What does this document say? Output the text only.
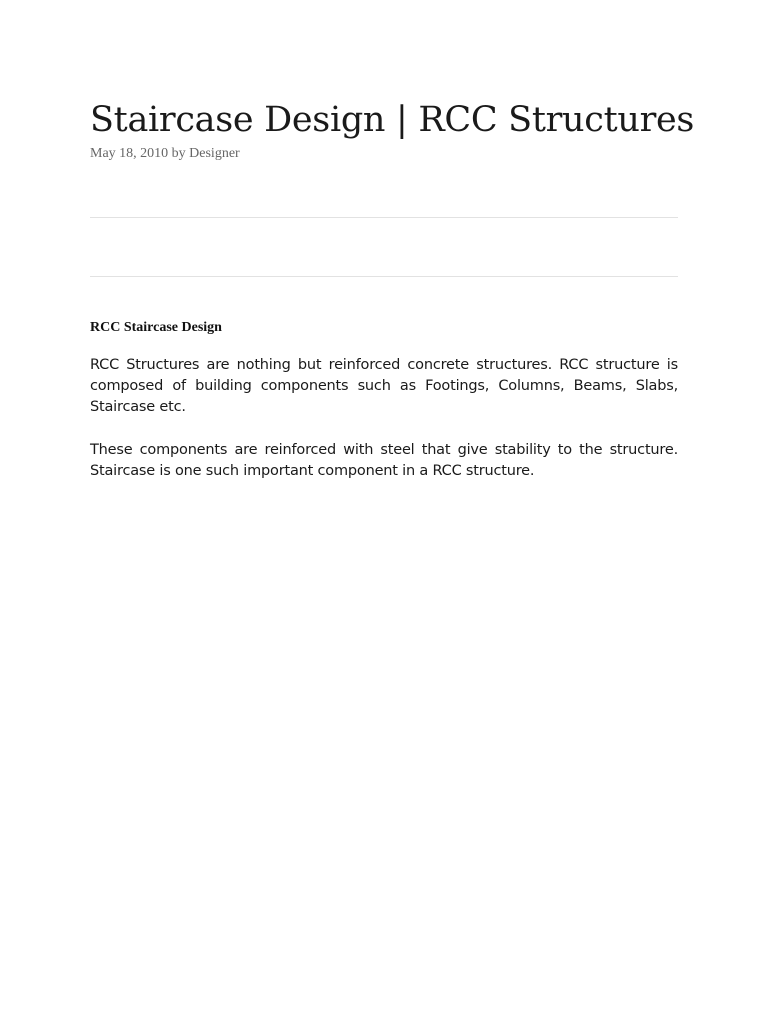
Staircase Design | RCC Structures
May 18, 2010 by Designer
RCC Staircase Design

RCC Structures are nothing but reinforced concrete structures. RCC structure is composed of building components such as Footings, Columns, Beams, Slabs, Staircase etc.

These components are reinforced with steel that give stability to the structure. Staircase is one such important component in a RCC structure.
